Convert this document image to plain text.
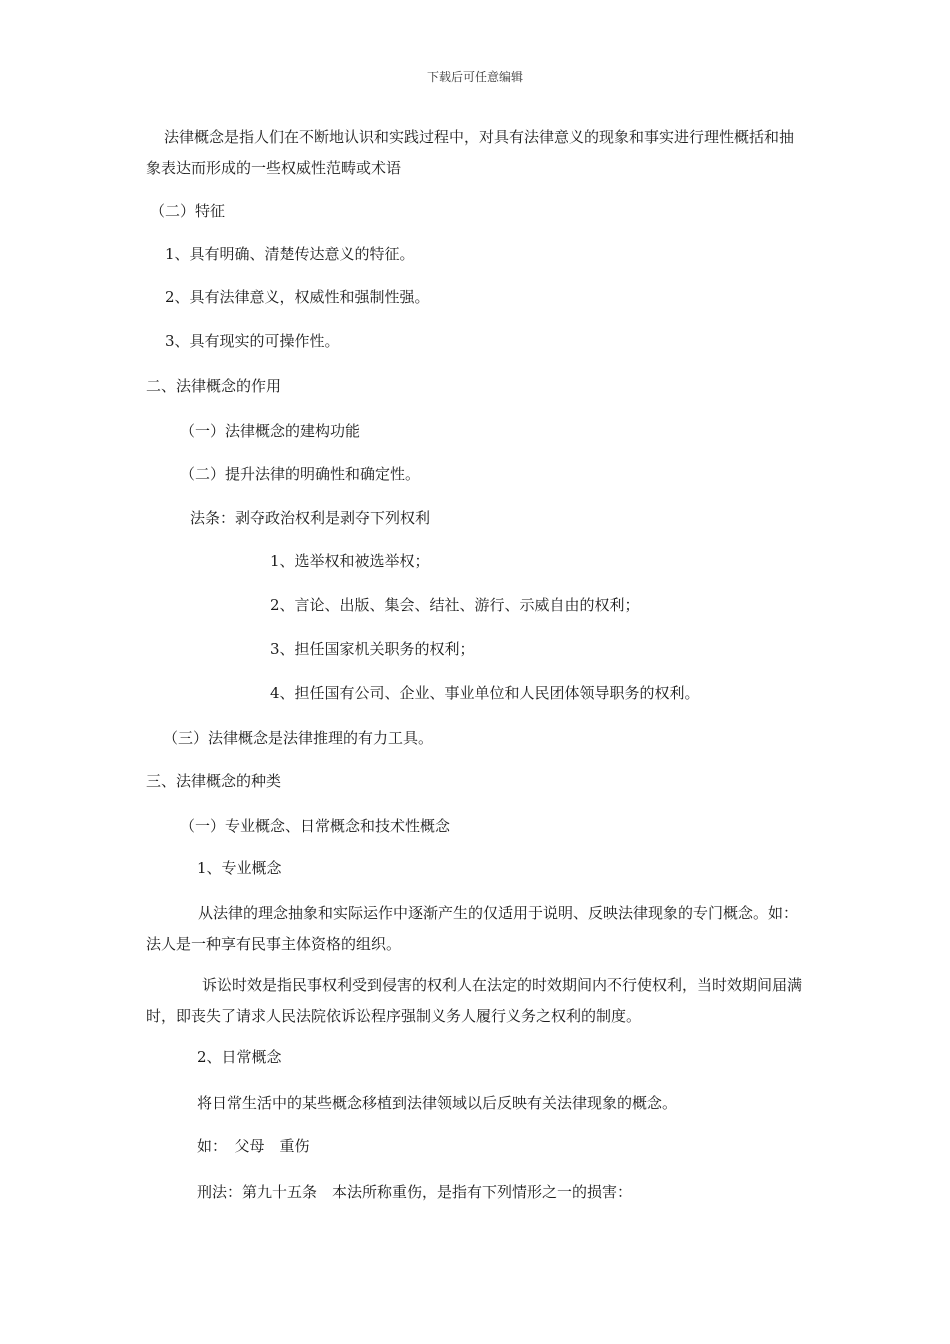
下载后可任意编辑
法律概念是指人们在不断地认识和实践过程中，对具有法律意义的现象和事实进行理性概括和抽象表达而形成的一些权威性范畴或术语
（二）特征
1、具有明确、清楚传达意义的特征。
2、具有法律意义，权威性和强制性强。
3、具有现实的可操作性。
二、法律概念的作用
（一）法律概念的建构功能
（二）提升法律的明确性和确定性。
法条：剥夺政治权利是剥夺下列权利
1、选举权和被选举权；
2、言论、出版、集会、结社、游行、示威自由的权利；
3、担任国家机关职务的权利；
4、担任国有公司、企业、事业单位和人民团体领导职务的权利。
（三）法律概念是法律推理的有力工具。
三、法律概念的种类
（一）专业概念、日常概念和技术性概念
1、专业概念
从法律的理念抽象和实际运作中逐渐产生的仅适用于说明、反映法律现象的专门概念。如：法人是一种享有民事主体资格的组织。
诉讼时效是指民事权利受到侵害的权利人在法定的时效期间内不行使权利，当时效期间届满时，即丧失了请求人民法院依诉讼程序强制义务人履行义务之权利的制度。
2、日常概念
将日常生活中的某些概念移植到法律领域以后反映有关法律现象的概念。
如：　父母　重伤
刑法：第九十五条　本法所称重伤，是指有下列情形之一的损害：
